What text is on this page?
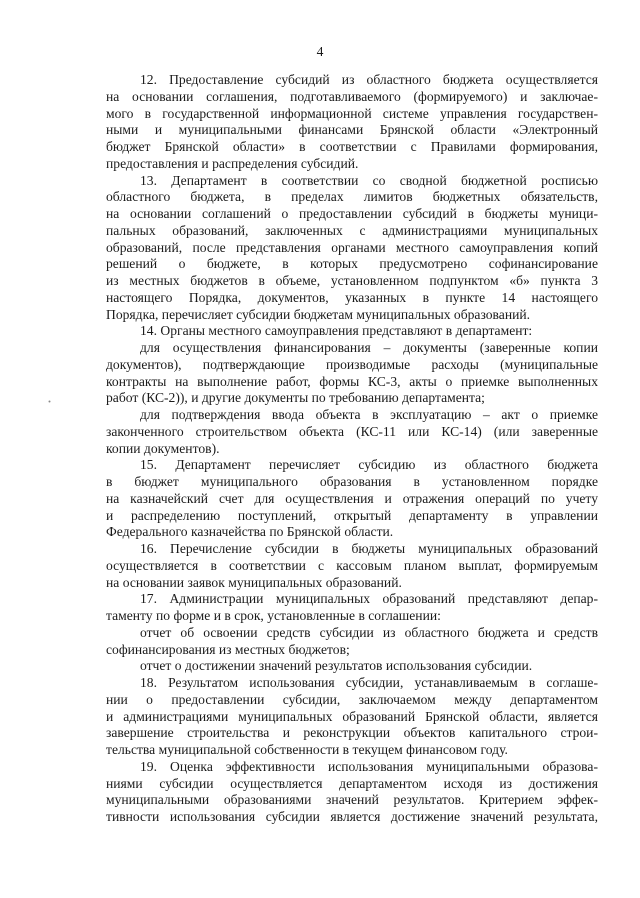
4
12. Предоставление субсидий из областного бюджета осуществляется
на основании соглашения, подготавливаемого (формируемого) и заключае-
мого в государственной информационной системе управления государствен-
ными и муниципальными финансами Брянской области «Электронный
бюджет Брянской области» в соответствии с Правилами формирования,
предоставления и распределения субсидий.
13. Департамент в соответствии со сводной бюджетной росписью
областного бюджета, в пределах лимитов бюджетных обязательств,
на основании соглашений о предоставлении субсидий в бюджеты муници-
пальных образований, заключенных с администрациями муниципальных
образований, после представления органами местного самоуправления копий
решений о бюджете, в которых предусмотрено софинансирование
из местных бюджетов в объеме, установленном подпунктом «б» пункта 3
настоящего Порядка, документов, указанных в пункте 14 настоящего
Порядка, перечисляет субсидии бюджетам муниципальных образований.
14. Органы местного самоуправления представляют в департамент:
для осуществления финансирования – документы (заверенные копии
документов), подтверждающие производимые расходы (муниципальные
контракты на выполнение работ, формы КС-3, акты о приемке выполненных
работ (КС-2)), и другие документы по требованию департамента;
для подтверждения ввода объекта в эксплуатацию – акт о приемке
законченного строительством объекта (КС-11 или КС-14) (или заверенные
копии документов).
15. Департамент перечисляет субсидию из областного бюджета
в бюджет муниципального образования в установленном порядке
на казначейский счет для осуществления и отражения операций по учету
и распределению поступлений, открытый департаменту в управлении
Федерального казначейства по Брянской области.
16. Перечисление субсидии в бюджеты муниципальных образований
осуществляется в соответствии с кассовым планом выплат, формируемым
на основании заявок муниципальных образований.
17. Администрации муниципальных образований представляют депар-
таменту по форме и в срок, установленные в соглашении:
отчет об освоении средств субсидии из областного бюджета и средств
софинансирования из местных бюджетов;
отчет о достижении значений результатов использования субсидии.
18. Результатом использования субсидии, устанавливаемым в соглаше-
нии о предоставлении субсидии, заключаемом между департаментом
и администрациями муниципальных образований Брянской области, является
завершение строительства и реконструкции объектов капитального строи-
тельства муниципальной собственности в текущем финансовом году.
19. Оценка эффективности использования муниципальными образова-
ниями субсидии осуществляется департаментом исходя из достижения
муниципальными образованиями значений результатов. Критерием эффек-
тивности использования субсидии является достижение значений результата,
